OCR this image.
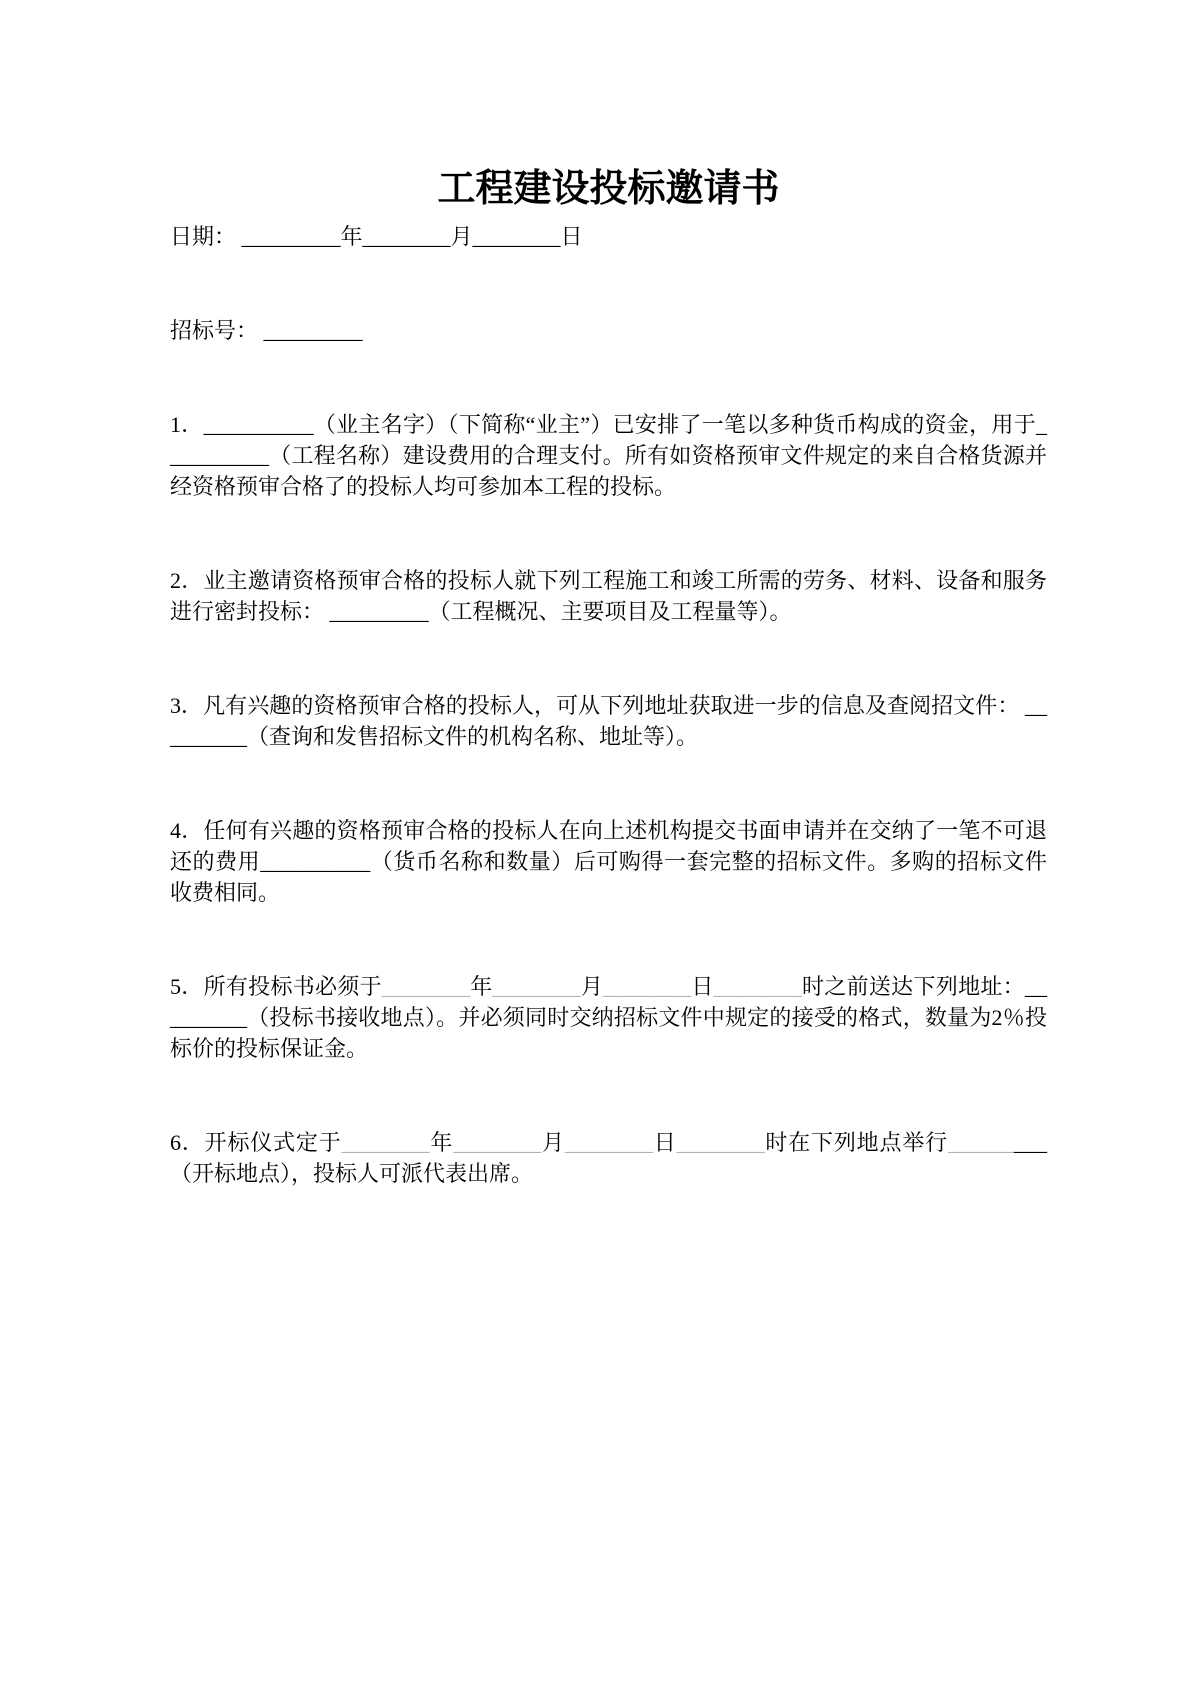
工程建设投标邀请书
日期： _________年________月________日
招标号： _________
1．__________（业主名字）（下简称“业主”）已安排了一笔以多种货币构成的资金，用于__________（工程名称）建设费用的合理支付。所有如资格预审文件规定的来自合格货源并经资格预审合格了的投标人均可参加本工程的投标。
2．业主邀请资格预审合格的投标人就下列工程施工和竣工所需的劳务、材料、设备和服务进行密封投标： _________（工程概况、主要项目及工程量等）。
3．凡有兴趣的资格预审合格的投标人，可从下列地址获取进一步的信息及查阅招文件： _________（查询和发售招标文件的机构名称、地址等）。
4．任何有兴趣的资格预审合格的投标人在向上述机构提交书面申请并在交纳了一笔不可退还的费用__________（货币名称和数量）后可购得一套完整的招标文件。多购的招标文件收费相同。
5．所有投标书必须于________年________月________日________时之前送达下列地址：_________（投标书接收地点）。并必须同时交纳招标文件中规定的接受的格式，数量为2％投标价的投标保证金。
6．开标仪式定于________年________月________日________时在下列地点举行_________（开标地点），投标人可派代表出席。
